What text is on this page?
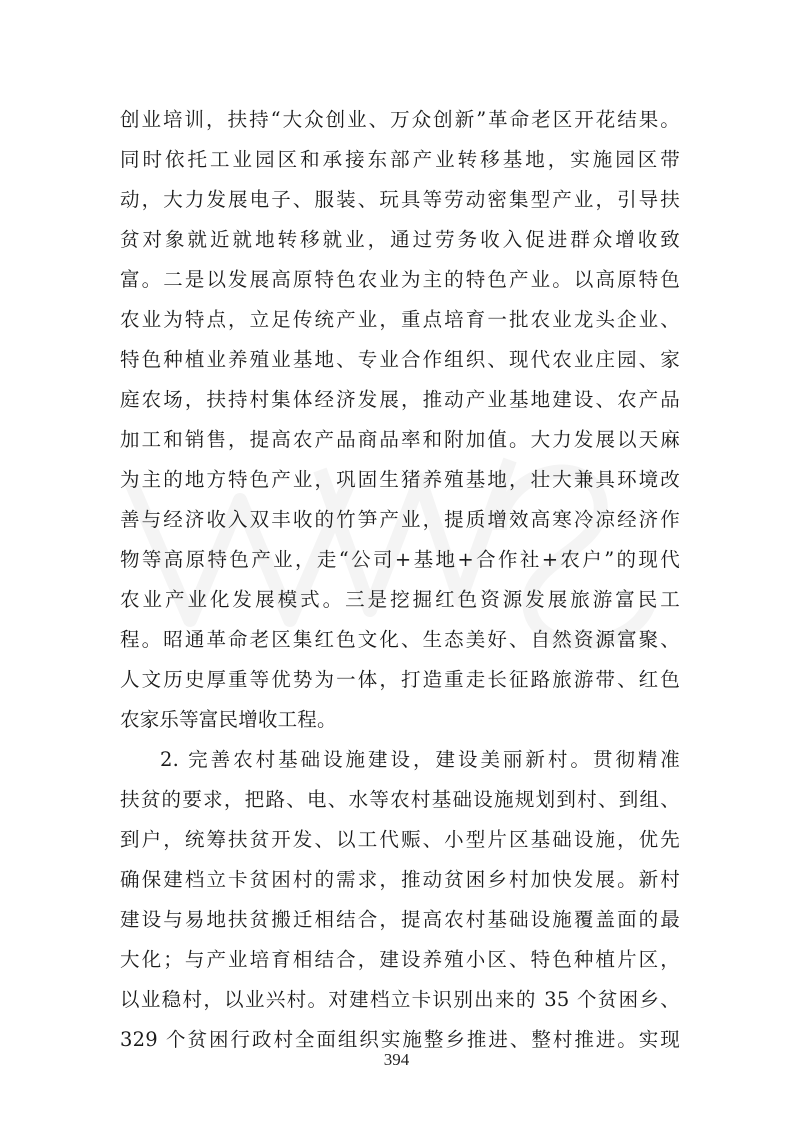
创业培训，扶持“大众创业、万众创新”革命老区开花结果。
同时依托工业园区和承接东部产业转移基地，实施园区带
动，大力发展电子、服装、玩具等劳动密集型产业，引导扶
贫对象就近就地转移就业，通过劳务收入促进群众增收致
富。二是以发展高原特色农业为主的特色产业。以高原特色
农业为特点，立足传统产业，重点培育一批农业龙头企业、
特色种植业养殖业基地、专业合作组织、现代农业庄园、家
庭农场，扶持村集体经济发展，推动产业基地建设、农产品
加工和销售，提高农产品商品率和附加值。大力发展以天麻
为主的地方特色产业，巩固生猪养殖基地，壮大兼具环境改
善与经济收入双丰收的竹笋产业，提质增效高寒冷凉经济作
物等高原特色产业，走“公司+基地+合作社+农户”的现代
农业产业化发展模式。三是挖掘红色资源发展旅游富民工
程。昭通革命老区集红色文化、生态美好、自然资源富聚、
人文历史厚重等优势为一体，打造重走长征路旅游带、红色
农家乐等富民增收工程。
2. 完善农村基础设施建设，建设美丽新村。贯彻精准
扶贫的要求，把路、电、水等农村基础设施规划到村、到组、
到户，统筹扶贫开发、以工代赈、小型片区基础设施，优先
确保建档立卡贫困村的需求，推动贫困乡村加快发展。新村
建设与易地扶贫搬迁相结合，提高农村基础设施覆盖面的最
大化；与产业培育相结合，建设养殖小区、特色种植片区，
以业稳村，以业兴村。对建档立卡识别出来的 35 个贫困乡、
329 个贫困行政村全面组织实施整乡推进、整村推进。实现
394
